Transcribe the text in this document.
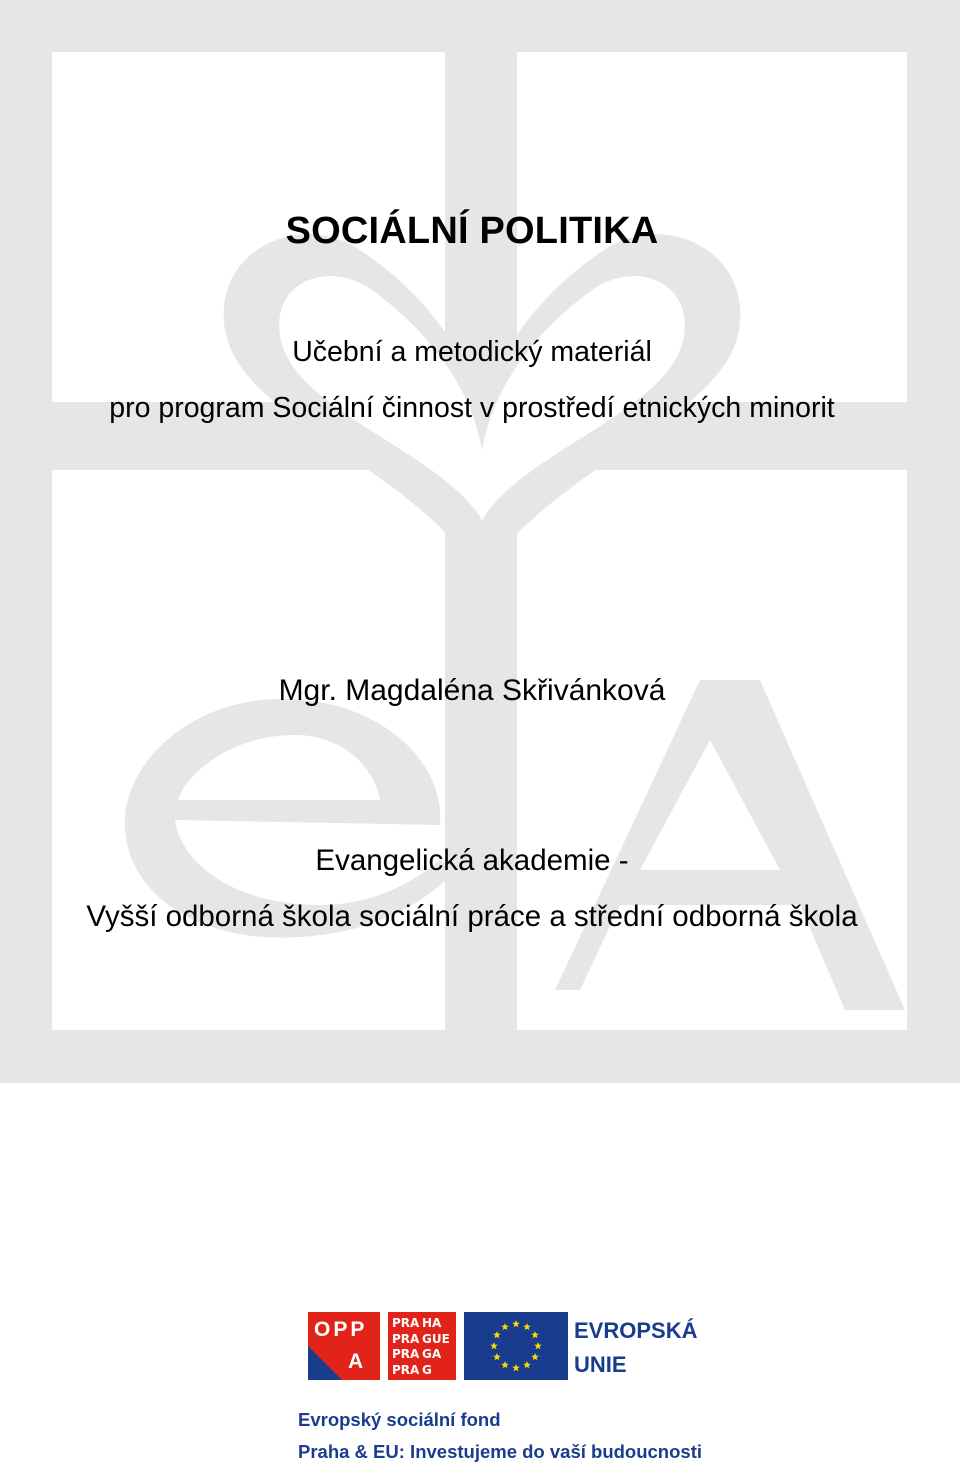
SOCIÁLNÍ POLITIKA
Učební a metodický materiál
pro program Sociální činnost v prostředí etnických minorit
Mgr. Magdaléna Skřivánková
Evangelická akademie -
Vyšší odborná škola sociální práce a střední odborná škola
OPP
A
PRA HA
PRA GUE
PRA GA
PRA G
EVROPSKÁ
UNIE
Evropský sociální fond
Praha & EU: Investujeme do vaší budoucnosti
